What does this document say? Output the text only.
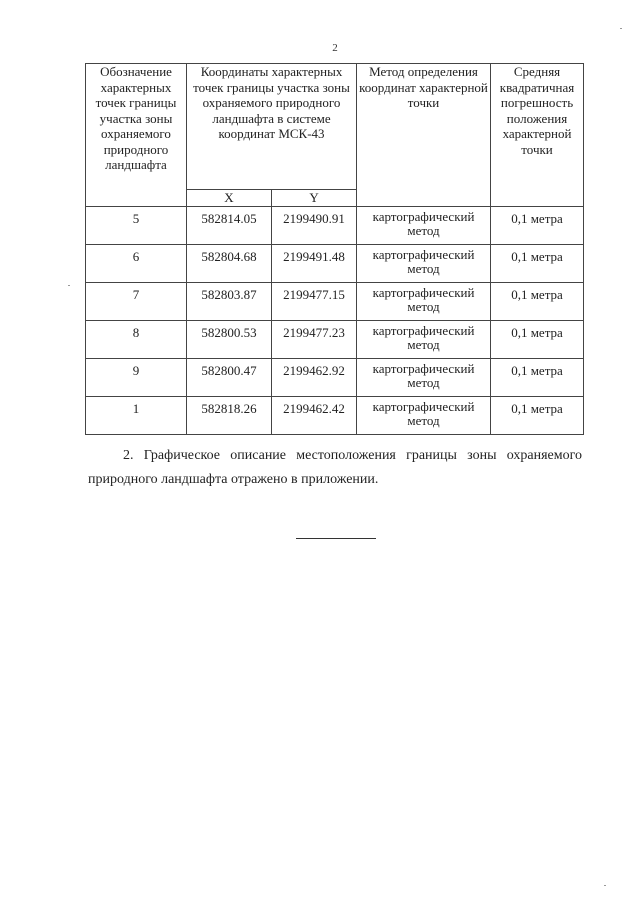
2
Обозначение характерных точек границы участка зоны охраняемого природного ландшафта	Координаты характерных точек границы участка зоны охраняемого природного ландшафта в системе координат МСК-43		Метод определения координат характерной точки	Средняя квадратичная погрешность положения характерной точки
	X	Y		
5	582814.05	2199490.91	картографический метод	0,1 метра
6	582804.68	2199491.48	картографический метод	0,1 метра
7	582803.87	2199477.15	картографический метод	0,1 метра
8	582800.53	2199477.23	картографический метод	0,1 метра
9	582800.47	2199462.92	картографический метод	0,1 метра
1	582818.26	2199462.42	картографический метод	0,1 метра

2. Графическое описание местоположения границы зоны охраняемого природного ландшафта отражено в приложении.
